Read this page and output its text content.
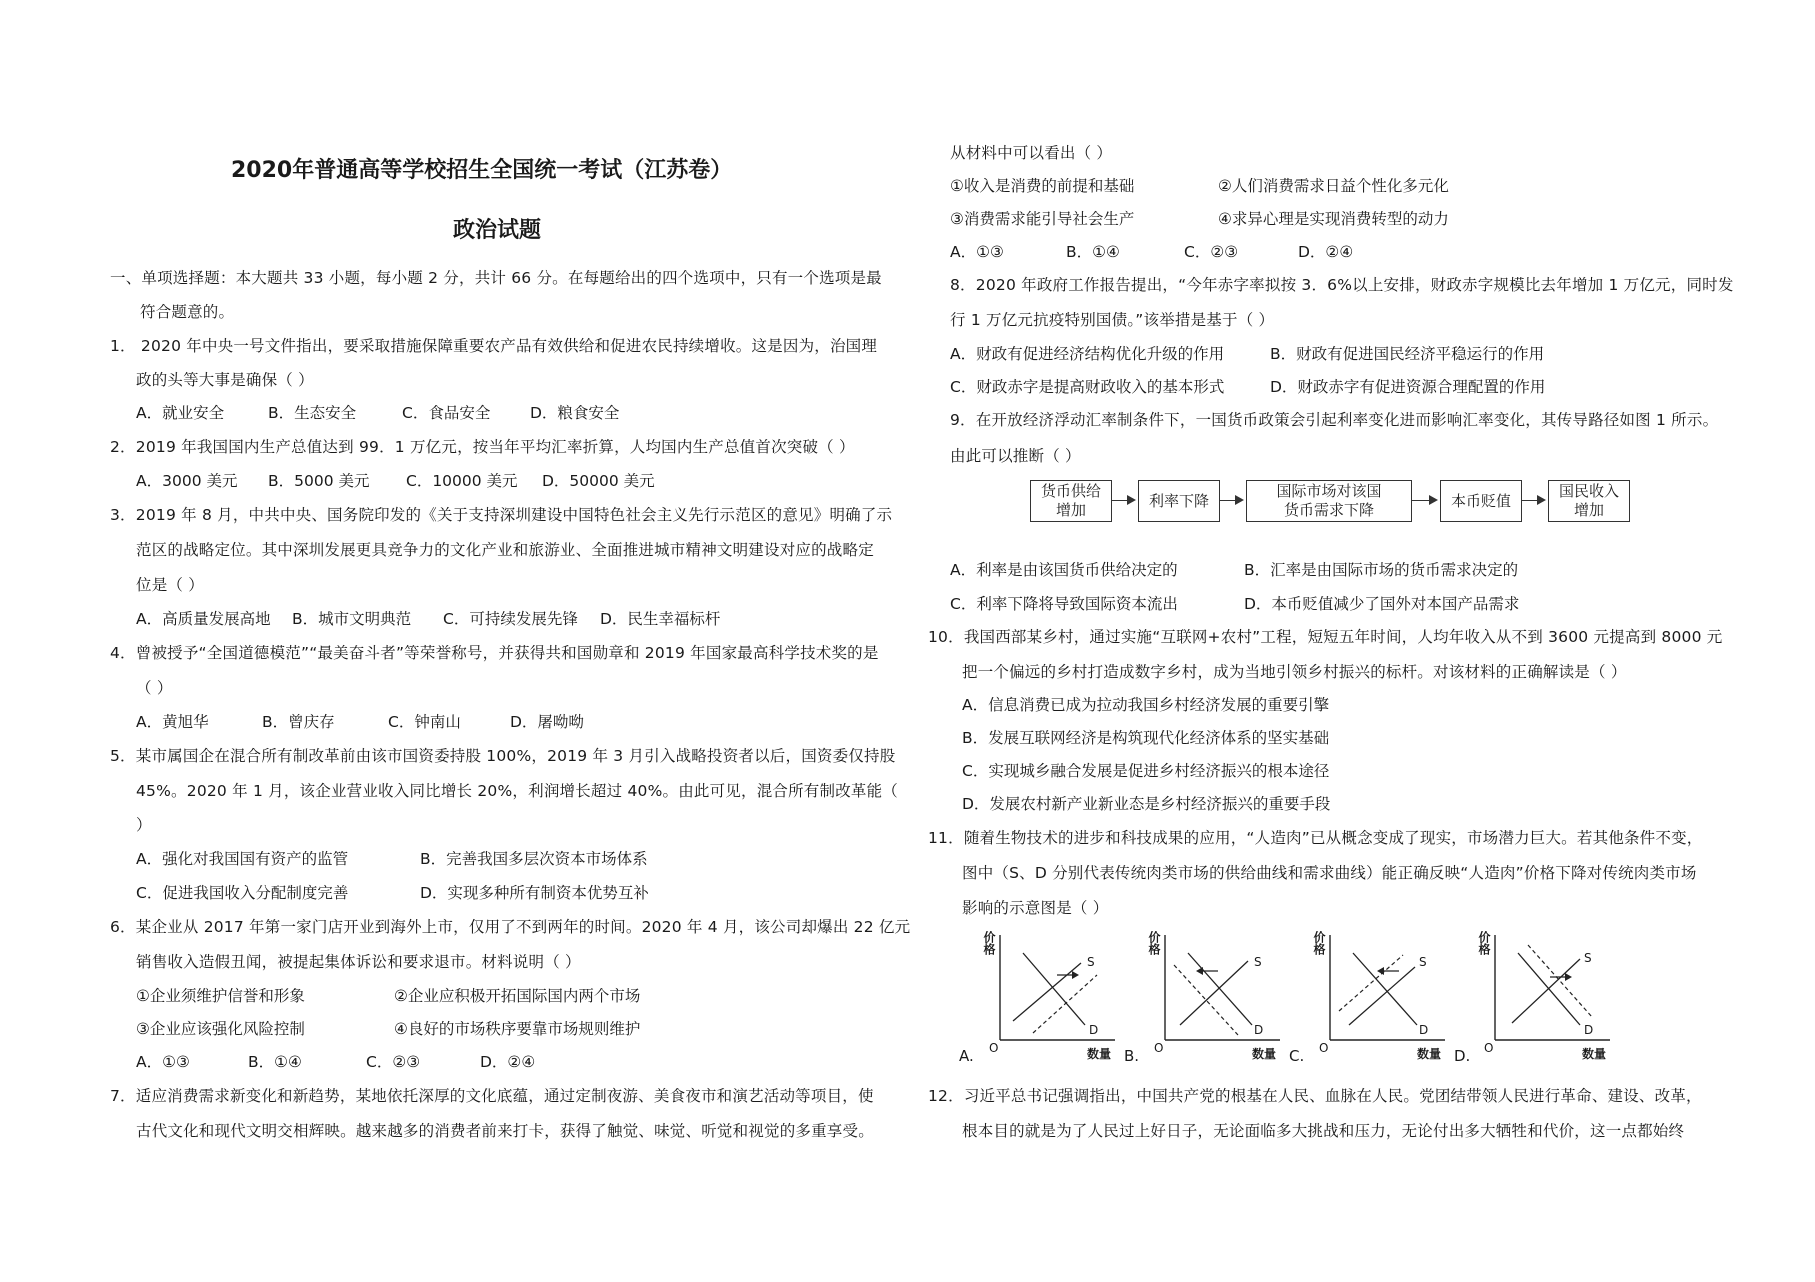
2020年普通高等学校招生全国统一考试（江苏卷）
政治试题
一、单项选择题：本大题共 33 小题，每小题 2 分，共计 66 分。在每题给出的四个选项中，只有一个选项是最
符合题意的。
1． 2020 年中央一号文件指出，要采取措施保障重要农产品有效供给和促进农民持续增收。这是因为，治国理
政的头等大事是确保（ ）
A．就业安全	B．生态安全	C．食品安全	D．粮食安全
2．2019 年我国国内生产总值达到 99．1 万亿元，按当年平均汇率折算，人均国内生产总值首次突破（ ）
A．3000 美元 B．5000 美元 C．10000 美元 D．50000 美元
3．2019 年 8 月，中共中央、国务院印发的《关于支持深圳建设中国特色社会主义先行示范区的意见》明确了示
范区的战略定位。其中深圳发展更具竞争力的文化产业和旅游业、全面推进城市精神文明建设对应的战略定
位是（ ）
A．高质量发展高地 B．城市文明典范 C．可持续发展先锋 D．民生幸福标杆
4．曾被授予“全国道德模范”“最美奋斗者”等荣誉称号，并获得共和国勋章和 2019 年国家最高科学技术奖的是
（ ）
A．黄旭华	B．曾庆存	C．钟南山	D．屠呦呦
5．某市属国企在混合所有制改革前由该市国资委持股 100%，2019 年 3 月引入战略投资者以后，国资委仅持股
45%。2020 年 1 月，该企业营业收入同比增长 20%，利润增长超过 40%。由此可见，混合所有制改革能（
）
A．强化对我国国有资产的监管	B．完善我国多层次资本市场体系
C．促进我国收入分配制度完善	D．实现多种所有制资本优势互补
6．某企业从 2017 年第一家门店开业到海外上市，仅用了不到两年的时间。2020 年 4 月，该公司却爆出 22 亿元
销售收入造假丑闻，被提起集体诉讼和要求退市。材料说明（ ）
①企业须维护信誉和形象	②企业应积极开拓国际国内两个市场
③企业应该强化风险控制	④良好的市场秩序要靠市场规则维护
A．①③	B．①④	C．②③	D．②④
7．适应消费需求新变化和新趋势，某地依托深厚的文化底蕴，通过定制夜游、美食夜市和演艺活动等项目，使
古代文化和现代文明交相辉映。越来越多的消费者前来打卡，获得了触觉、味觉、听觉和视觉的多重享受。
从材料中可以看出（ ）
①收入是消费的前提和基础	②人们消费需求日益个性化多元化
③消费需求能引导社会生产	④求异心理是实现消费转型的动力
A．①③	B．①④	C．②③	D．②④
8．2020 年政府工作报告提出，“今年赤字率拟按 3．6%以上安排，财政赤字规模比去年增加 1 万亿元，同时发
行 1 万亿元抗疫特别国债。”该举措是基于（ ）
A．财政有促进经济结构优化升级的作用	B．财政有促进国民经济平稳运行的作用
C．财政赤字是提高财政收入的基本形式	D．财政赤字有促进资源合理配置的作用
9．在开放经济浮动汇率制条件下，一国货币政策会引起利率变化进而影响汇率变化，其传导路径如图 1 所示。
由此可以推断（ ）
货币供给
增加
利率下降
国际市场对该国
货币需求下降
本币贬值
国民收入
增加
A．利率是由该国货币供给决定的	B．汇率是由国际市场的货币需求决定的
C．利率下降将导致国际资本流出	D．本币贬值减少了国外对本国产品需求
10．我国西部某乡村，通过实施“互联网+农村”工程，短短五年时间，人均年收入从不到 3600 元提高到 8000 元
把一个偏远的乡村打造成数字乡村，成为当地引领乡村振兴的标杆。对该材料的正确解读是（ ）
A．信息消费已成为拉动我国乡村经济发展的重要引擎
B．发展互联网经济是构筑现代化经济体系的坚实基础
C．实现城乡融合发展是促进乡村经济振兴的根本途径
D．发展农村新产业新业态是乡村经济振兴的重要手段
11．随着生物技术的进步和科技成果的应用，“人造肉”已从概念变成了现实，市场潜力巨大。若其他条件不变，
图中（S、D 分别代表传统肉类市场的供给曲线和需求曲线）能正确反映“人造肉”价格下降对传统肉类市场
影响的示意图是（ ）
A.
价格
数量
O
S
D
B.
价格
数量
O
S
D
C.
价格
数量
O
S
D
D.
价格
数量
O
S
D
12．习近平总书记强调指出，中国共产党的根基在人民、血脉在人民。党团结带领人民进行革命、建设、改革，
根本目的就是为了人民过上好日子，无论面临多大挑战和压力，无论付出多大牺牲和代价，这一点都始终
